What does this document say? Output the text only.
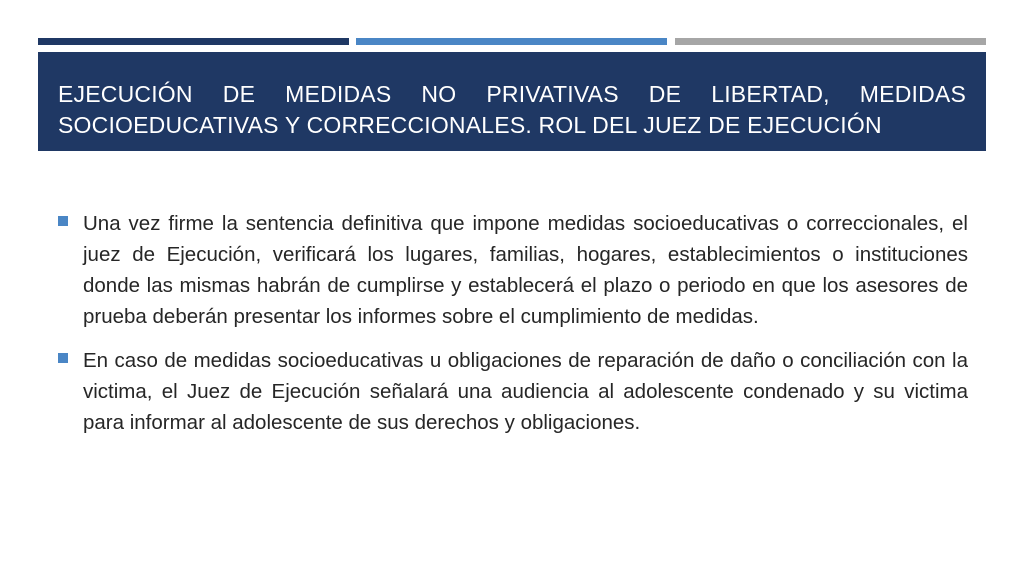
EJECUCIÓN DE MEDIDAS NO PRIVATIVAS DE LIBERTAD, MEDIDAS SOCIOEDUCATIVAS Y CORRECCIONALES. ROL DEL JUEZ DE EJECUCIÓN

Una vez firme la sentencia definitiva que impone medidas socioeducativas o correccionales, el juez de Ejecución, verificará los lugares, familias, hogares, establecimientos o instituciones donde las mismas habrán de cumplirse y establecerá el plazo o periodo en que los asesores de prueba deberán presentar los informes sobre el cumplimiento de medidas.

En caso de medidas socioeducativas u obligaciones de reparación de daño o conciliación con la victima, el Juez de Ejecución señalará una audiencia al adolescente condenado y su victima para informar al adolescente de sus derechos y obligaciones.
